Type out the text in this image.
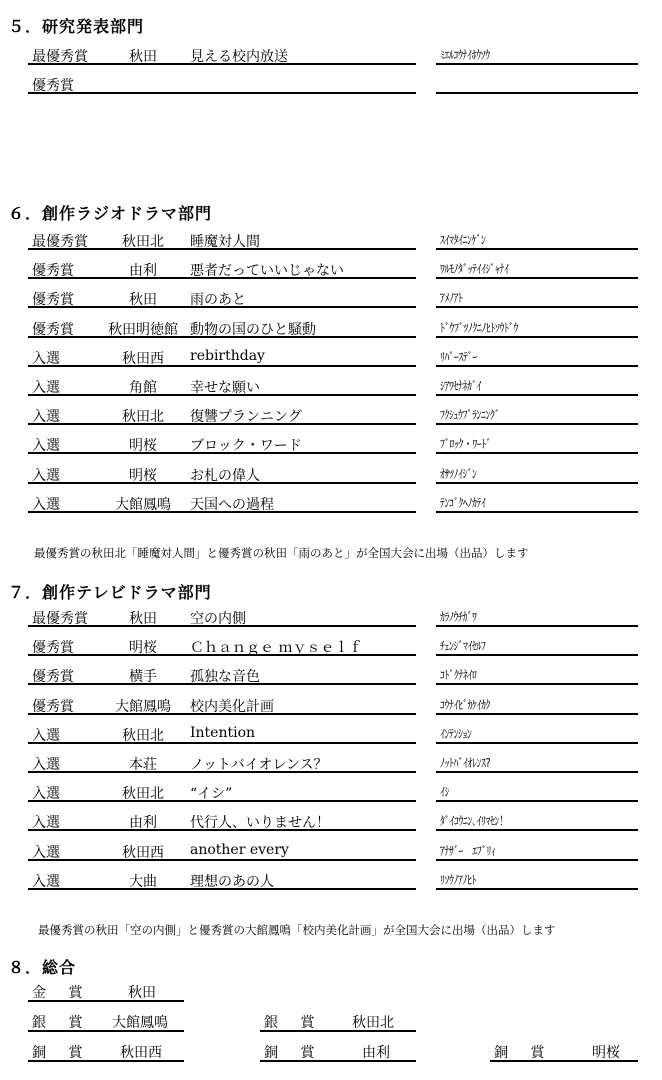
５．研究発表部門
最優秀賞	秋田	見える校内放送	ﾐｴﾙｺｳﾅｲﾎｳｿｳ
優秀賞
６．創作ラジオドラマ部門
最優秀賞	秋田北	睡魔対人間	ｽｲﾏﾀｲﾆﾝｹﾞﾝ
優秀賞	由利	悪者だっていいじゃない	ﾜﾙﾓﾉﾀﾞｯﾃｲｲｼﾞｬﾅｲ
優秀賞	秋田	雨のあと	ｱﾒﾉｱﾄ
優秀賞	秋田明徳館 動物の国のひと騒動	ﾄﾞｳﾌﾞﾂﾉｸﾆﾉﾋﾄｿｳﾄﾞｳ
入選	秋田西	rebirthday	ﾘﾊﾞｰｽﾃﾞｰ
入選	角館	幸せな願い	ｼｱﾜｾﾅﾈｶﾞｲ
入選	秋田北	復讐プランニング	ﾌｸｼｭｳﾌﾟﾗﾝﾆﾝｸﾞ
入選	明桜	ブロック・ワード	ﾌﾞﾛｯｸ・ﾜｰﾄﾞ
入選	明桜	お札の偉人	ｵｻﾂﾉｲｼﾞﾝ
入選	大館鳳鳴	天国への過程	ﾃﾝｺﾞｸﾍﾉｶﾃｲ
最優秀賞の秋田北「睡魔対人間」と優秀賞の秋田「雨のあと」が全国大会に出場（出品）します
７．創作テレビドラマ部門
最優秀賞	秋田	空の内側	ｶﾗﾉｳﾁｶﾞﾜ
優秀賞	明桜	Ｃｈａｎｇｅ ｍｙｓｅｌｆ	ﾁｪﾝｼﾞﾏｲｾﾙﾌ
優秀賞	横手	孤独な音色	ｺﾄﾞｸﾅﾈｲﾛ
優秀賞	大館鳳鳴	校内美化計画	ｺｳﾅｲﾋﾞｶｹｲｶｸ
入選	秋田北	Intention	ｲﾝﾃﾝｼｮﾝ
入選	本荘	ノットバイオレンス？	ﾉｯﾄﾊﾞｲｵﾚﾝｽ?
入選	秋田北	“イシ”	ｲｼ
入選	由利	代行人、いりません！	ﾀﾞｲｺｳﾆﾝ､ｲﾘﾏｾﾝ！
入選	秋田西	another every	ｱﾅｻﾞｰ　ｴﾌﾞﾘｨ
入選	大曲	理想のあの人	ﾘｿｳﾉｱﾉﾋﾄ
最優秀賞の秋田「空の内側」と優秀賞の大館鳳鳴「校内美化計画」が全国大会に出場（出品）します
８．総合
金 賞	秋田
銀 賞 大館鳳鳴	銀 賞 秋田北
銅 賞 秋田西	銅 賞	由利	銅 賞	明桜
